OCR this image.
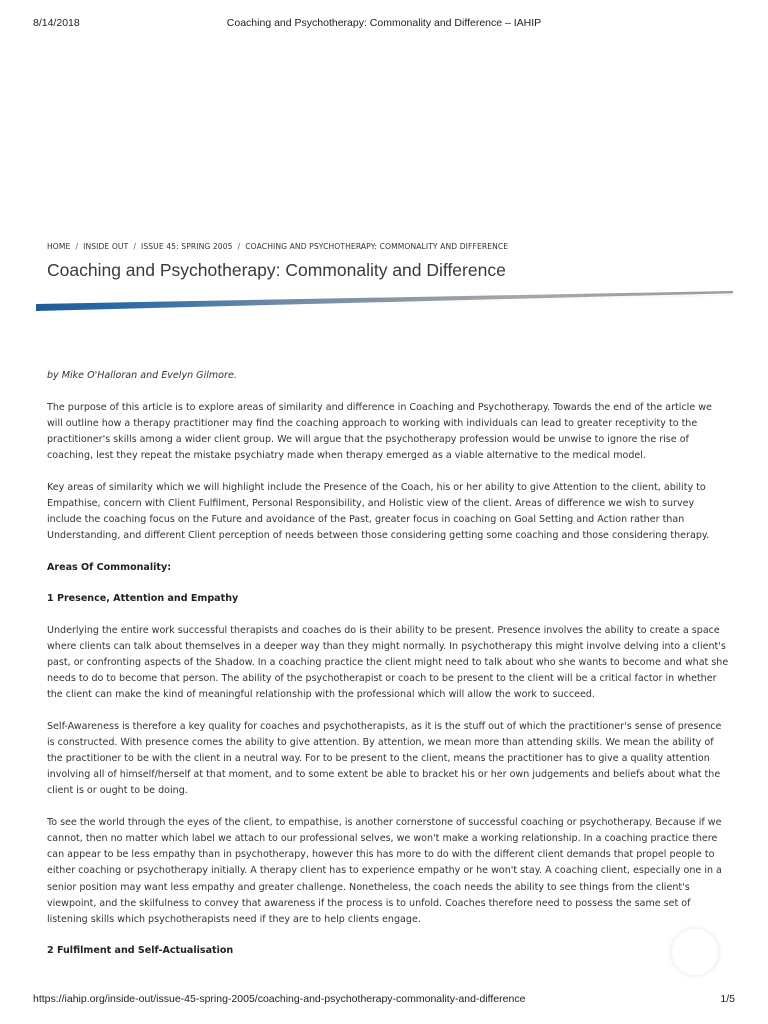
8/14/2018	Coaching and Psychotherapy: Commonality and Difference – IAHIP
HOME / INSIDE OUT / ISSUE 45: SPRING 2005 / COACHING AND PSYCHOTHERAPY: COMMONALITY AND DIFFERENCE
Coaching and Psychotherapy: Commonality and Difference

by Mike O'Halloran and Evelyn Gilmore.

The purpose of this article is to explore areas of similarity and difference in Coaching and Psychotherapy. Towards the end of the article we will outline how a therapy practitioner may find the coaching approach to working with individuals can lead to greater receptivity to the practitioner's skills among a wider client group. We will argue that the psychotherapy profession would be unwise to ignore the rise of coaching, lest they repeat the mistake psychiatry made when therapy emerged as a viable alternative to the medical model.

Key areas of similarity which we will highlight include the Presence of the Coach, his or her ability to give Attention to the client, ability to Empathise, concern with Client Fulfilment, Personal Responsibility, and Holistic view of the client. Areas of difference we wish to survey include the coaching focus on the Future and avoidance of the Past, greater focus in coaching on Goal Setting and Action rather than Understanding, and different Client perception of needs between those considering getting some coaching and those considering therapy.

Areas Of Commonality:

1 Presence, Attention and Empathy

Underlying the entire work successful therapists and coaches do is their ability to be present. Presence involves the ability to create a space where clients can talk about themselves in a deeper way than they might normally. In psychotherapy this might involve delving into a client's past, or confronting aspects of the Shadow. In a coaching practice the client might need to talk about who she wants to become and what she needs to do to become that person. The ability of the psychotherapist or coach to be present to the client will be a critical factor in whether the client can make the kind of meaningful relationship with the professional which will allow the work to succeed.

Self-Awareness is therefore a key quality for coaches and psychotherapists, as it is the stuff out of which the practitioner's sense of presence is constructed. With presence comes the ability to give attention. By attention, we mean more than attending skills. We mean the ability of the practitioner to be with the client in a neutral way. For to be present to the client, means the practitioner has to give a quality attention involving all of himself/herself at that moment, and to some extent be able to bracket his or her own judgements and beliefs about what the client is or ought to be doing.

To see the world through the eyes of the client, to empathise, is another cornerstone of successful coaching or psychotherapy. Because if we cannot, then no matter which label we attach to our professional selves, we won't make a working relationship. In a coaching practice there can appear to be less empathy than in psychotherapy, however this has more to do with the different client demands that propel people to either coaching or psychotherapy initially. A therapy client has to experience empathy or he won't stay. A coaching client, especially one in a senior position may want less empathy and greater challenge. Nonetheless, the coach needs the ability to see things from the client's viewpoint, and the skilfulness to convey that awareness if the process is to unfold. Coaches therefore need to possess the same set of listening skills which psychotherapists need if they are to help clients engage.

2 Fulfilment and Self-Actualisation

https://iahip.org/inside-out/issue-45-spring-2005/coaching-and-psychotherapy-commonality-and-difference	1/5
